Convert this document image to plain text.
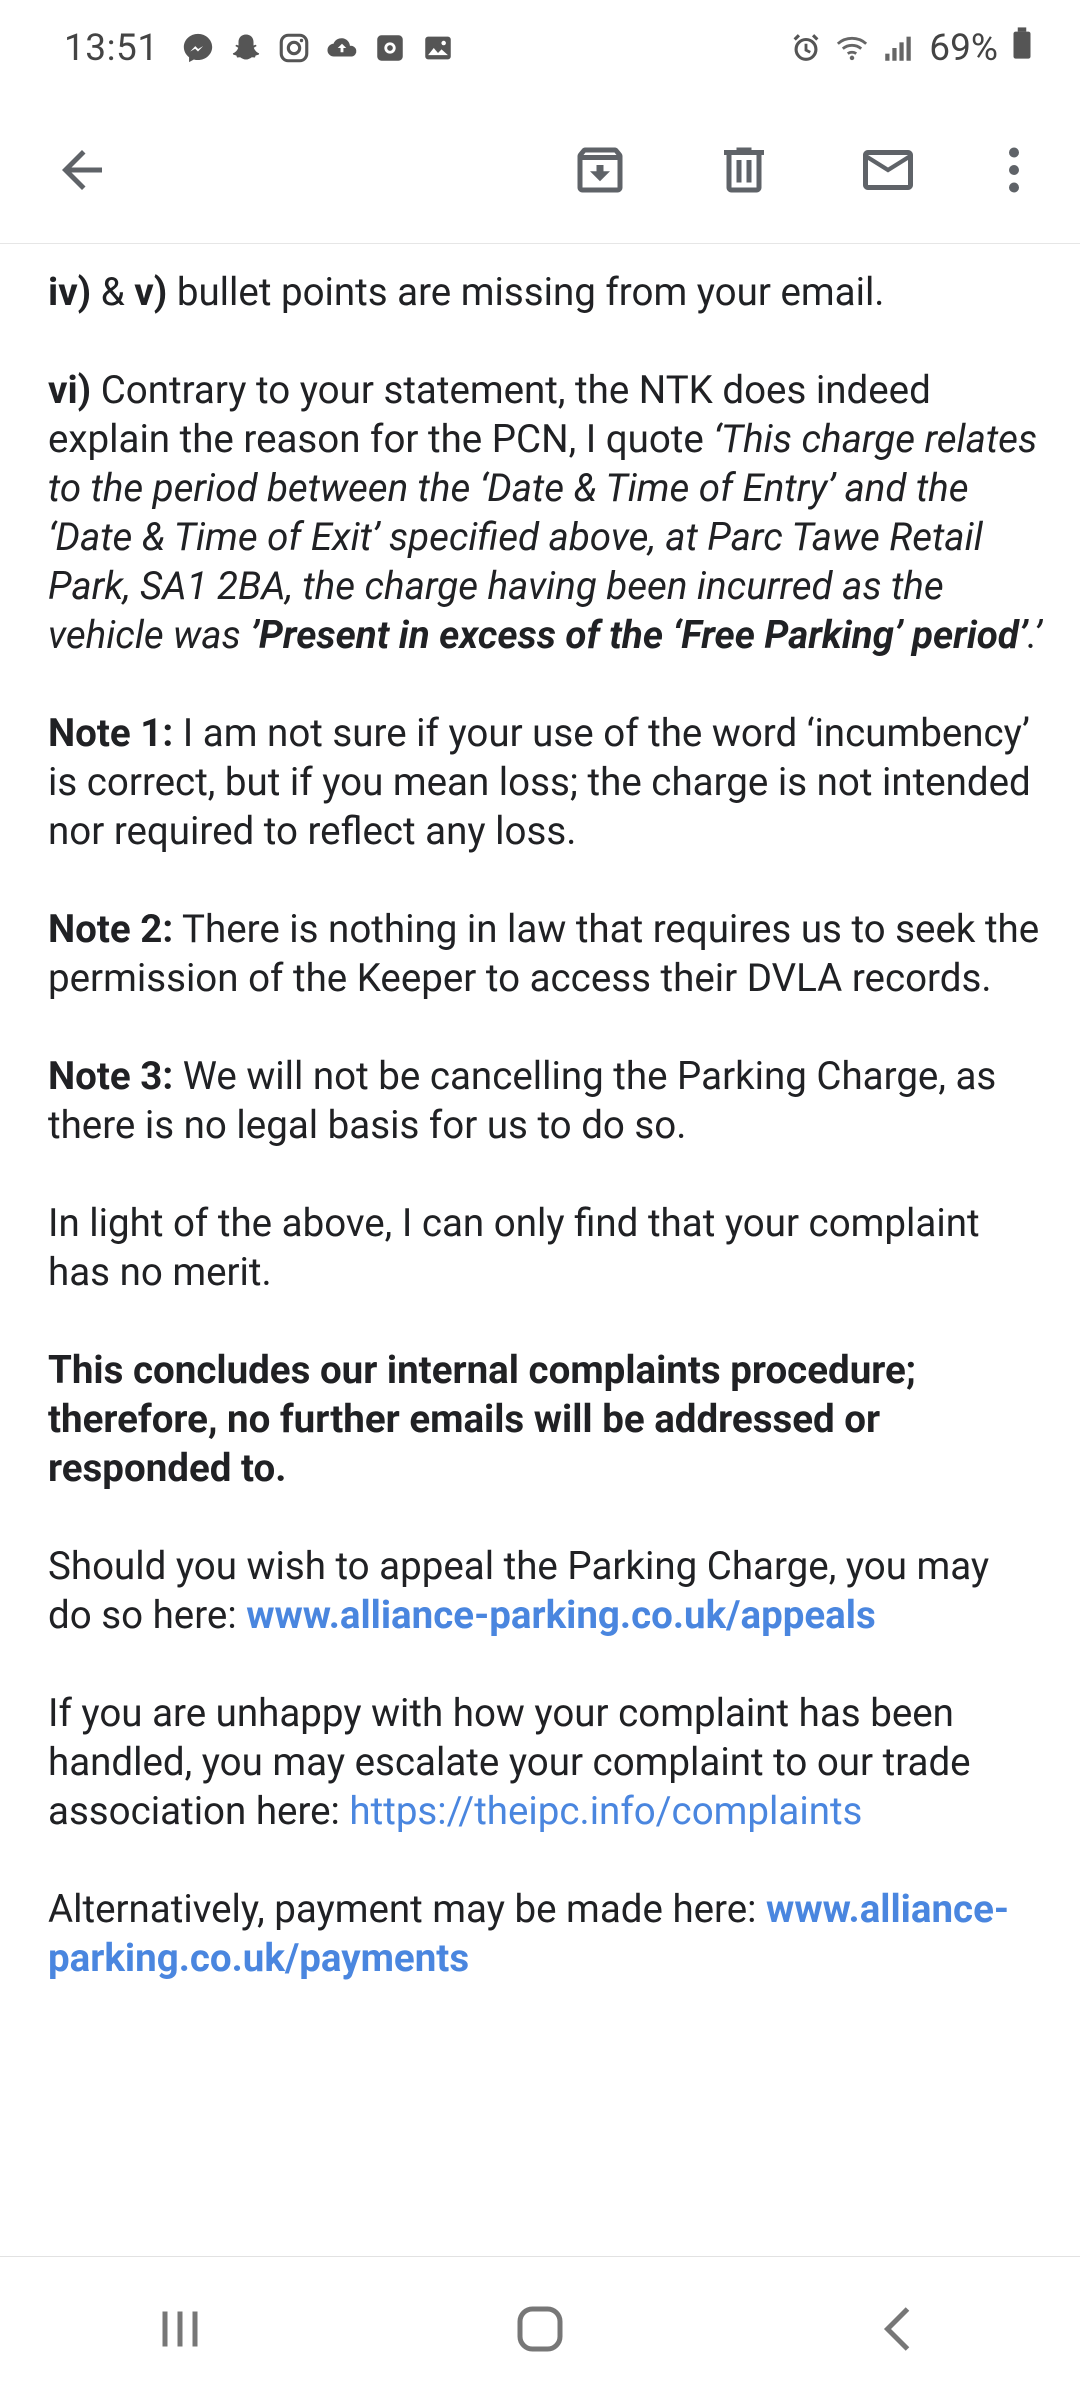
13:51	69%

iv) & v) bullet points are missing from your email.

vi) Contrary to your statement, the NTK does indeed explain the reason for the PCN, I quote ‘This charge relates to the period between the ‘Date & Time of Entry’ and the ‘Date & Time of Exit’ specified above, at Parc Tawe Retail Park, SA1 2BA, the charge having been incurred as the vehicle was ’Present in excess of the ‘Free Parking’ period’.’

Note 1: I am not sure if your use of the word ‘incumbency’ is correct, but if you mean loss; the charge is not intended nor required to reflect any loss.

Note 2: There is nothing in law that requires us to seek the permission of the Keeper to access their DVLA records.

Note 3: We will not be cancelling the Parking Charge, as there is no legal basis for us to do so.

In light of the above, I can only find that your complaint has no merit.

This concludes our internal complaints procedure; therefore, no further emails will be addressed or responded to.

Should you wish to appeal the Parking Charge, you may do so here: www.alliance-parking.co.uk/appeals

If you are unhappy with how your complaint has been handled, you may escalate your complaint to our trade association here: https://theipc.info/complaints

Alternatively, payment may be made here: www.alliance-parking.co.uk/payments
